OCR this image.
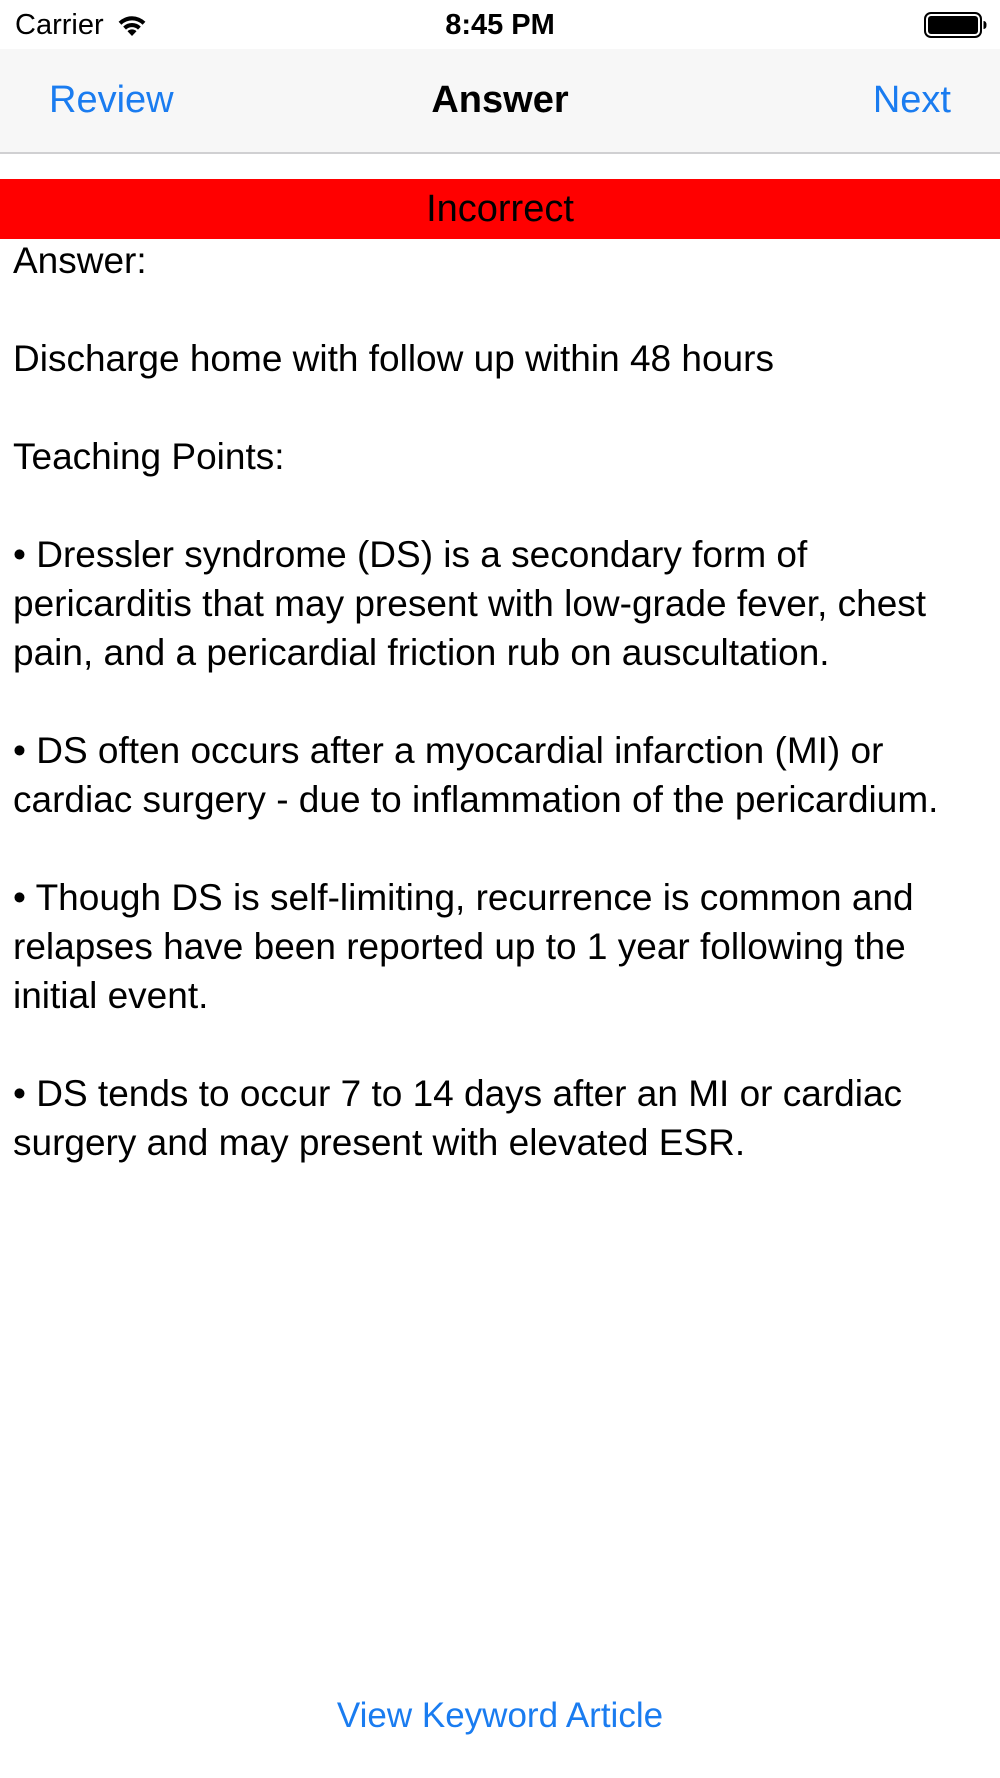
Carrier	8:45 PM
Review	Answer	Next
Incorrect

Answer:

Discharge home with follow up within 48 hours

Teaching Points:

• Dressler syndrome (DS) is a secondary form of pericarditis that may present with low-grade fever, chest pain, and a pericardial friction rub on auscultation.

• DS often occurs after a myocardial infarction (MI) or cardiac surgery - due to inflammation of the pericardium.

• Though DS is self-limiting, recurrence is common and relapses have been reported up to 1 year following the initial event.

• DS tends to occur 7 to 14 days after an MI or cardiac surgery and may present with elevated ESR.

View Keyword Article
